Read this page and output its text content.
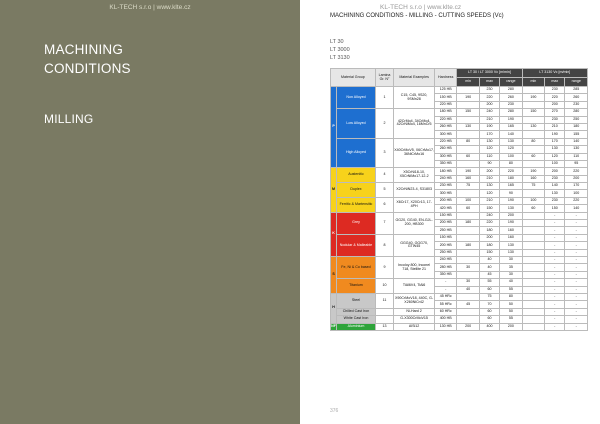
KL-TECH s.r.o | www.klte.cz
MACHINING
CONDITIONS
MILLING
KL-TECH s.r.o | www.klte.cz
MACHINING CONDITIONS - MILLING - CUTTING SPEEDS (Vc)
LT 30
LT 3000
LT 3130
Material Group		Lamina Gr. N°	Material Examples	Hardness	LT 30 / LT 3000 Vc [m/min]			LT 3130 Vc [m/min]		
					min	max	range	min	max	range
P	Non Alloyed	1	C15, C45, 9S20, 9SMn28	125 HB		230	280		230	285
				150 HB	190	220	260	190	220	260
				220 HB		200	230		200	230
	Low Alloyed	2	42CrMo4, 34CrMo4, 42CrNiMo4, 16MnCr5	180 HB	150	240	280	150	270	280
				220 HB		210	190		230	250
				260 HB	130	190	165	130	210	180
				300 HB		170	140		190	155
	High Alloyed	3	X40CrMoV5, X6CrMo17, 36NiCrMo16	220 HB	80	130	130	80	170	140
				260 HB		120	120		130	130
				300 HB	60	110	100	60	120	110
				350 HB		90	80		100	95
M	Austenitic	4	X5CrNi18-10, X5CrNiMo17-12-2	180 HB	190	200	220	190	200	220
				240 HB	160	210	180	160	230	200
	Duplex	5	X2CrNiN23-4, S31803	230 HB	75	130	165	75	140	170
				300 HB		120	90		130	100
	Ferritic & Martensitic	6	X6Cr17, X20Cr13, 17-4PH	200 HB	100	210	190	100	230	220
				420 HB	60	150	130	60	150	140
K	Grey	7	GG20, GG40, EN-GJL-200, HB300	150 HB		240	200		-	-
				200 HB	180	220	190		-	-
				250 HB		180	160		-	-
	Nodular & Malleable	8	GGG40, GGG70, GTW45	150 HB		200	160		-	-
				200 HB	180	180	130		-	-
				250 HB		150	130		-	-
S	Fe, Ni & Co based	9	Incoloy 800, Inconel 718, Stellite 21	240 HB		40	30		-	-
				280 HB	30	40	35		-	-
				350 HB		45	30		-	-
	Titanium	10	TiAl6V4, TiAl6	-	30	55	40		-	-
				-	40	60	55		-	-
H	Steel	11	X90CrMoV18, 440C, G-X260NiCr42	45 HRc		75	80		-	-
				55 HRc	45	70	50		-	-
	Chilled Cast Iron		Ni-Hard 2	60 HRc		60	50		-	-
	White Cast Iron		G-X300CrMoV15	400 HB		60	55		-	-
NF	Aluminium	13	AlSi12	130 HB	200	400	200		-	-
376
